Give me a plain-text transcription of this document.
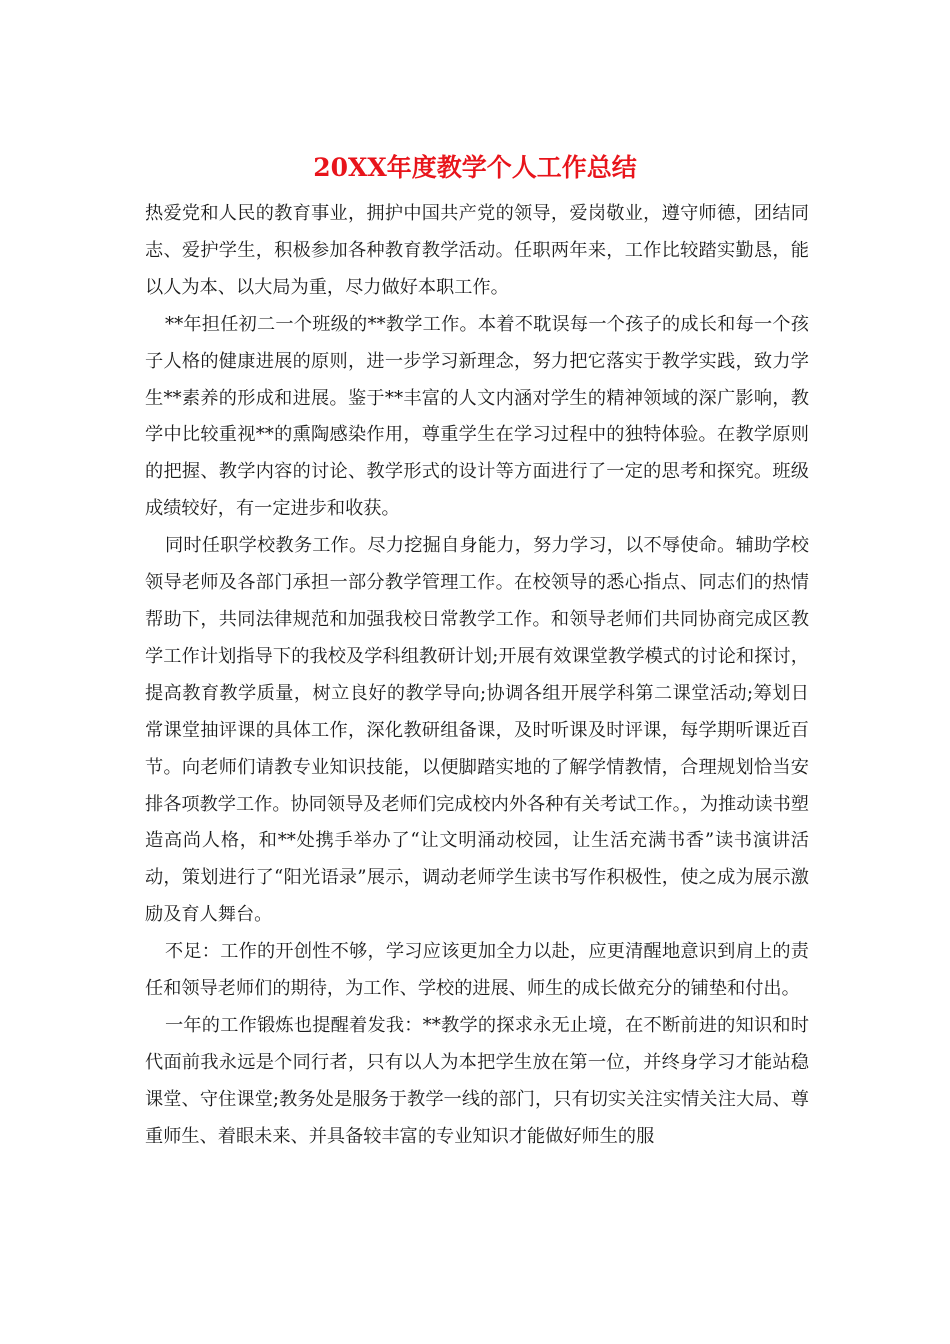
20XX年度教学个人工作总结

热爱党和人民的教育事业，拥护中国共产党的领导，爱岗敬业，遵守师德，团结同志、爱护学生，积极参加各种教育教学活动。任职两年来，工作比较踏实勤恳，能以人为本、以大局为重，尽力做好本职工作。

**年担任初二一个班级的**教学工作。本着不耽误每一个孩子的成长和每一个孩子人格的健康进展的原则，进一步学习新理念，努力把它落实于教学实践，致力学生**素养的形成和进展。鉴于**丰富的人文内涵对学生的精神领域的深广影响，教学中比较重视**的熏陶感染作用，尊重学生在学习过程中的独特体验。在教学原则的把握、教学内容的讨论、教学形式的设计等方面进行了一定的思考和探究。班级成绩较好，有一定进步和收获。

同时任职学校教务工作。尽力挖掘自身能力，努力学习，以不辱使命。辅助学校领导老师及各部门承担一部分教学管理工作。在校领导的悉心指点、同志们的热情帮助下，共同法律规范和加强我校日常教学工作。和领导老师们共同协商完成区教学工作计划指导下的我校及学科组教研计划;开展有效课堂教学模式的讨论和探讨，提高教育教学质量，树立良好的教学导向;协调各组开展学科第二课堂活动;筹划日常课堂抽评课的具体工作，深化教研组备课，及时听课及时评课，每学期听课近百节。向老师们请教专业知识技能，以便脚踏实地的了解学情教情，合理规划恰当安排各项教学工作。协同领导及老师们完成校内外各种有关考试工作。，为推动读书塑造高尚人格，和**处携手举办了“让文明涌动校园，让生活充满书香”读书演讲活动，策划进行了“阳光语录”展示，调动老师学生读书写作积极性，使之成为展示激励及育人舞台。

不足：工作的开创性不够，学习应该更加全力以赴，应更清醒地意识到肩上的责任和领导老师们的期待，为工作、学校的进展、师生的成长做充分的铺垫和付出。

一年的工作锻炼也提醒着发我：**教学的探求永无止境，在不断前进的知识和时代面前我永远是个同行者，只有以人为本把学生放在第一位，并终身学习才能站稳课堂、守住课堂;教务处是服务于教学一线的部门，只有切实关注实情关注大局、尊重师生、着眼未来、并具备较丰富的专业知识才能做好师生的服
